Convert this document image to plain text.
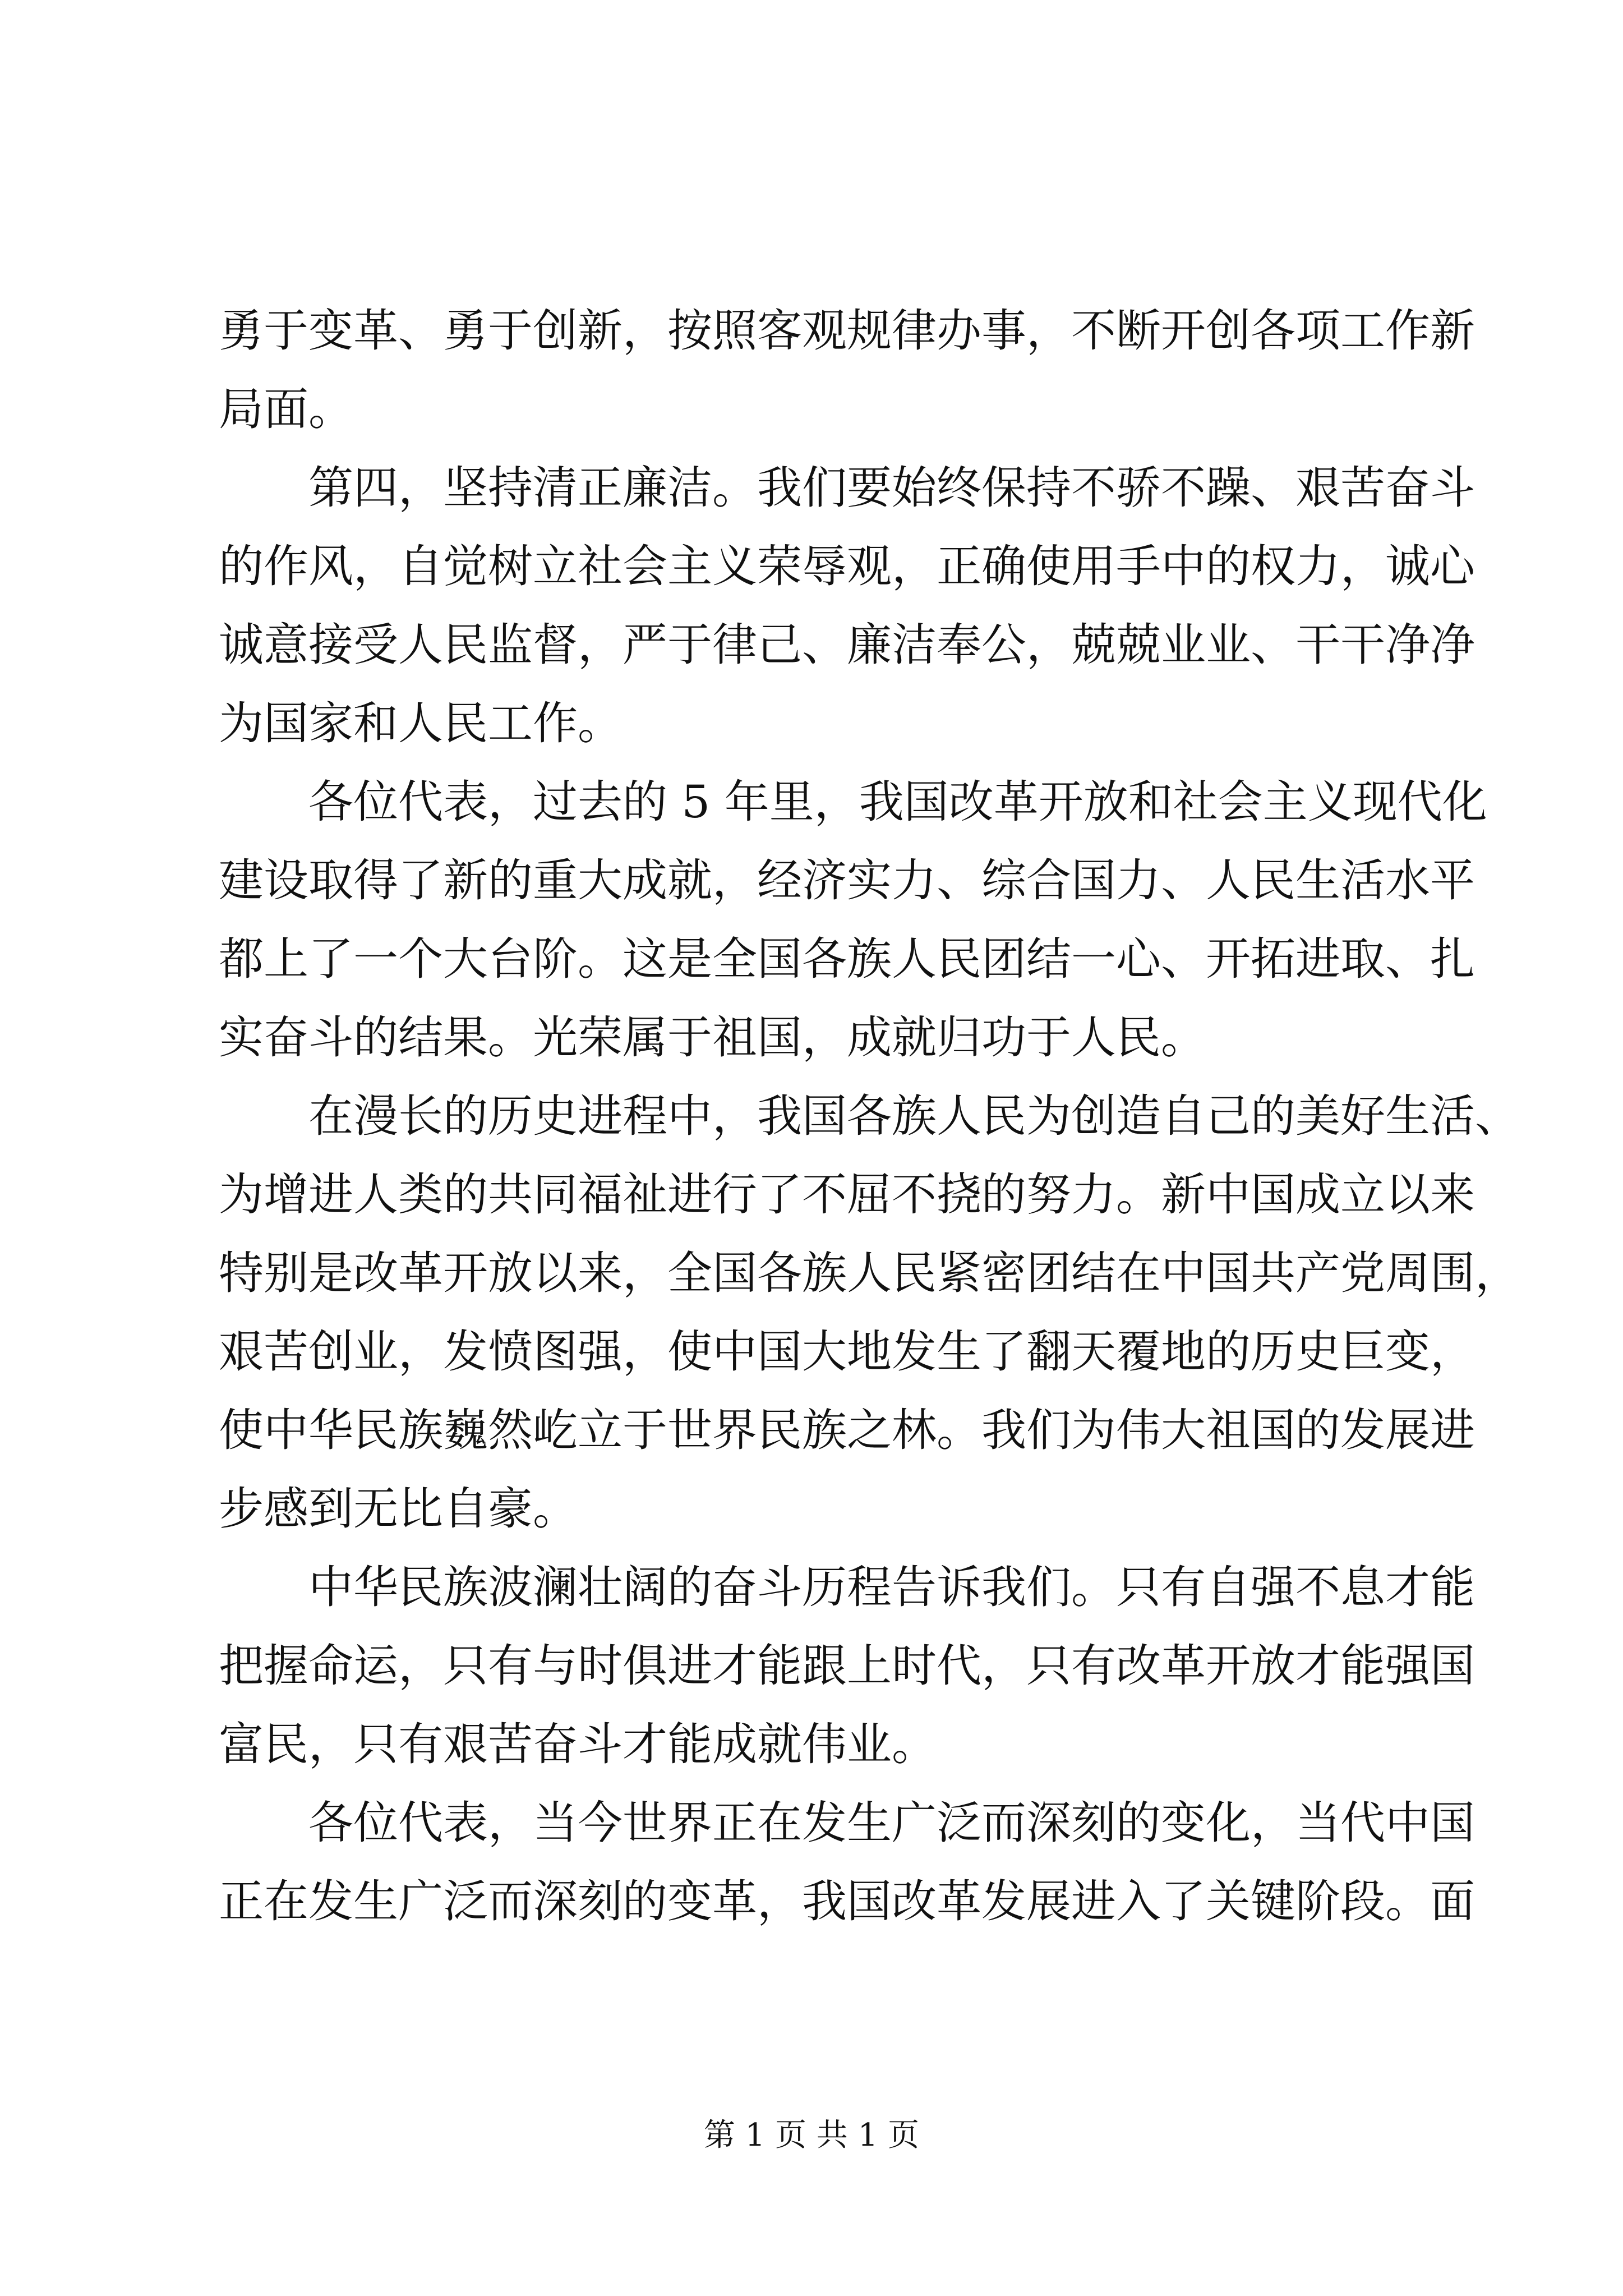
勇于变革、勇于创新，按照客观规律办事，不断开创各项工作新
局面。
第四，坚持清正廉洁。我们要始终保持不骄不躁、艰苦奋斗
的作风，自觉树立社会主义荣辱观，正确使用手中的权力，诚心
诚意接受人民监督，严于律己、廉洁奉公，兢兢业业、干干净净
为国家和人民工作。
各位代表，过去的 5 年里，我国改革开放和社会主义现代化
建设取得了新的重大成就，经济实力、综合国力、人民生活水平
都上了一个大台阶。这是全国各族人民团结一心、开拓进取、扎
实奋斗的结果。光荣属于祖国，成就归功于人民。
在漫长的历史进程中，我国各族人民为创造自己的美好生活、
为增进人类的共同福祉进行了不屈不挠的努力。新中国成立以来
特别是改革开放以来，全国各族人民紧密团结在中国共产党周围，
艰苦创业，发愤图强，使中国大地发生了翻天覆地的历史巨变，
使中华民族巍然屹立于世界民族之林。我们为伟大祖国的发展进
步感到无比自豪。
中华民族波澜壮阔的奋斗历程告诉我们。只有自强不息才能
把握命运，只有与时俱进才能跟上时代，只有改革开放才能强国
富民，只有艰苦奋斗才能成就伟业。
各位代表，当今世界正在发生广泛而深刻的变化，当代中国
正在发生广泛而深刻的变革，我国改革发展进入了关键阶段。面
第 1 页 共 1 页
